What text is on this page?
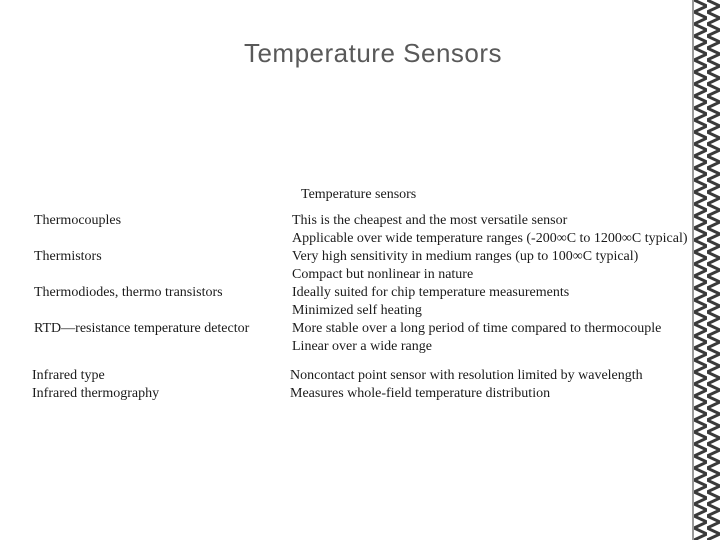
Temperature Sensors
Temperature sensors
Thermocouples	This is the cheapest and the most versatile sensor
Applicable over wide temperature ranges (-200∞C to 1200∞C typical)
Thermistors	Very high sensitivity in medium ranges (up to 100∞C typical)
Compact but nonlinear in nature
Thermodiodes, thermo transistors	Ideally suited for chip temperature measurements
Minimized self heating
RTD—resistance temperature detector	More stable over a long period of time compared to thermocouple
Linear over a wide range
Infrared type	Noncontact point sensor with resolution limited by wavelength
Infrared thermography	Measures whole-field temperature distribution
